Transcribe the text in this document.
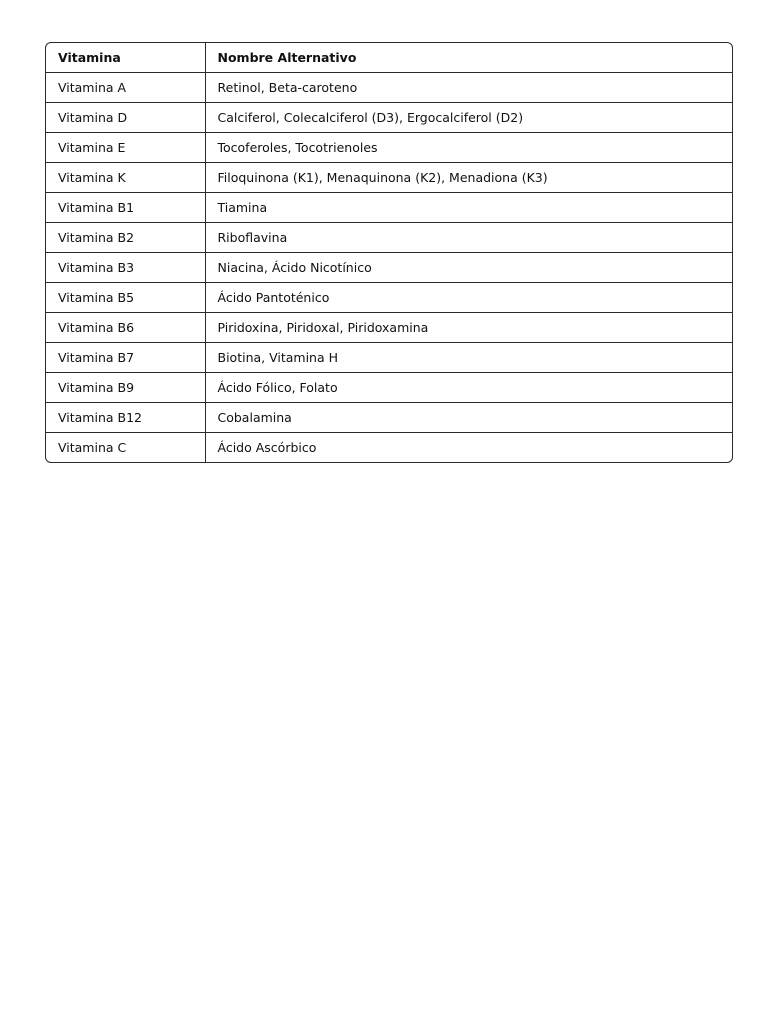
Vitamina	Nombre Alternativo
Vitamina A	Retinol, Beta-caroteno
Vitamina D	Calciferol, Colecalciferol (D3), Ergocalciferol (D2)
Vitamina E	Tocoferoles, Tocotrienoles
Vitamina K	Filoquinona (K1), Menaquinona (K2), Menadiona (K3)
Vitamina B1	Tiamina
Vitamina B2	Riboflavina
Vitamina B3	Niacina, Ácido Nicotínico
Vitamina B5	Ácido Pantoténico
Vitamina B6	Piridoxina, Piridoxal, Piridoxamina
Vitamina B7	Biotina, Vitamina H
Vitamina B9	Ácido Fólico, Folato
Vitamina B12	Cobalamina
Vitamina C	Ácido Ascórbico
